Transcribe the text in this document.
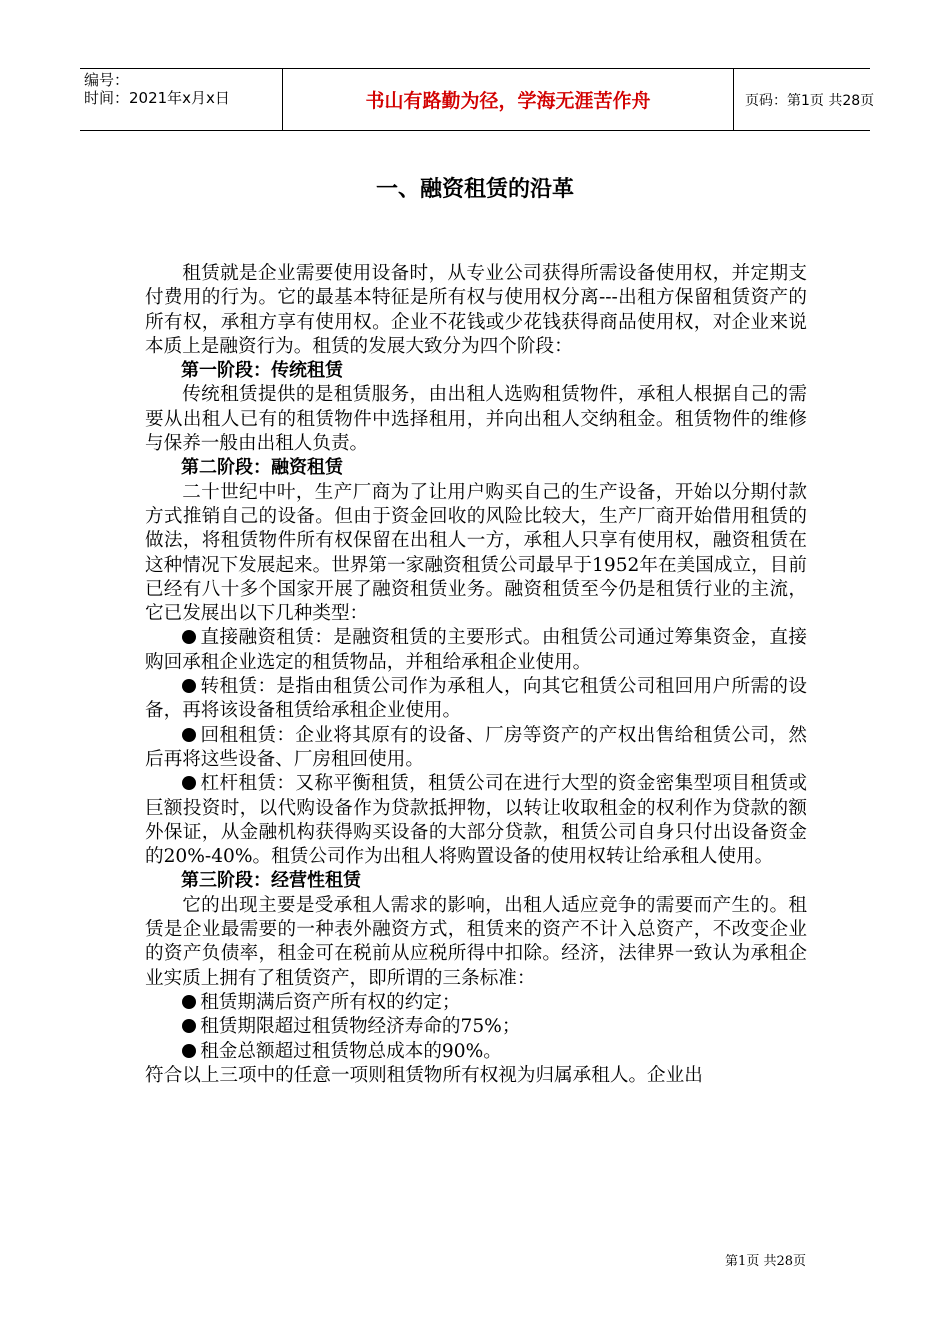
编号：
时间：2021年x月x日	书山有路勤为径，学海无涯苦作舟	页码：第1页 共28页
一、融资租赁的沿革

租赁就是企业需要使用设备时，从专业公司获得所需设备使用权，并定期支付费用的行为。它的最基本特征是所有权与使用权分离---出租方保留租赁资产的所有权，承租方享有使用权。企业不花钱或少花钱获得商品使用权，对企业来说本质上是融资行为。租赁的发展大致分为四个阶段：

第一阶段：传统租赁

传统租赁提供的是租赁服务，由出租人选购租赁物件，承租人根据自己的需要从出租人已有的租赁物件中选择租用，并向出租人交纳租金。租赁物件的维修与保养一般由出租人负责。

第二阶段：融资租赁

二十世纪中叶，生产厂商为了让用户购买自己的生产设备，开始以分期付款方式推销自己的设备。但由于资金回收的风险比较大，生产厂商开始借用租赁的做法，将租赁物件所有权保留在出租人一方，承租人只享有使用权，融资租赁在这种情况下发展起来。世界第一家融资租赁公司最早于1952年在美国成立，目前已经有八十多个国家开展了融资租赁业务。融资租赁至今仍是租赁行业的主流，它已发展出以下几种类型：

直接融资租赁：是融资租赁的主要形式。由租赁公司通过筹集资金，直接购回承租企业选定的租赁物品，并租给承租企业使用。

转租赁：是指由租赁公司作为承租人，向其它租赁公司租回用户所需的设备，再将该设备租赁给承租企业使用。

回租租赁：企业将其原有的设备、厂房等资产的产权出售给租赁公司，然后再将这些设备、厂房租回使用。

杠杆租赁：又称平衡租赁，租赁公司在进行大型的资金密集型项目租赁或巨额投资时，以代购设备作为贷款抵押物，以转让收取租金的权利作为贷款的额外保证，从金融机构获得购买设备的大部分贷款，租赁公司自身只付出设备资金的20%-40%。租赁公司作为出租人将购置设备的使用权转让给承租人使用。

第三阶段：经营性租赁

它的出现主要是受承租人需求的影响，出租人适应竞争的需要而产生的。租赁是企业最需要的一种表外融资方式，租赁来的资产不计入总资产，不改变企业的资产负债率，租金可在税前从应税所得中扣除。经济，法律界一致认为承租企业实质上拥有了租赁资产，即所谓的三条标准：

租赁期满后资产所有权的约定；

租赁期限超过租赁物经济寿命的75%；

租金总额超过租赁物总成本的90%。

符合以上三项中的任意一项则租赁物所有权视为归属承租人。企业出

第1页 共28页
